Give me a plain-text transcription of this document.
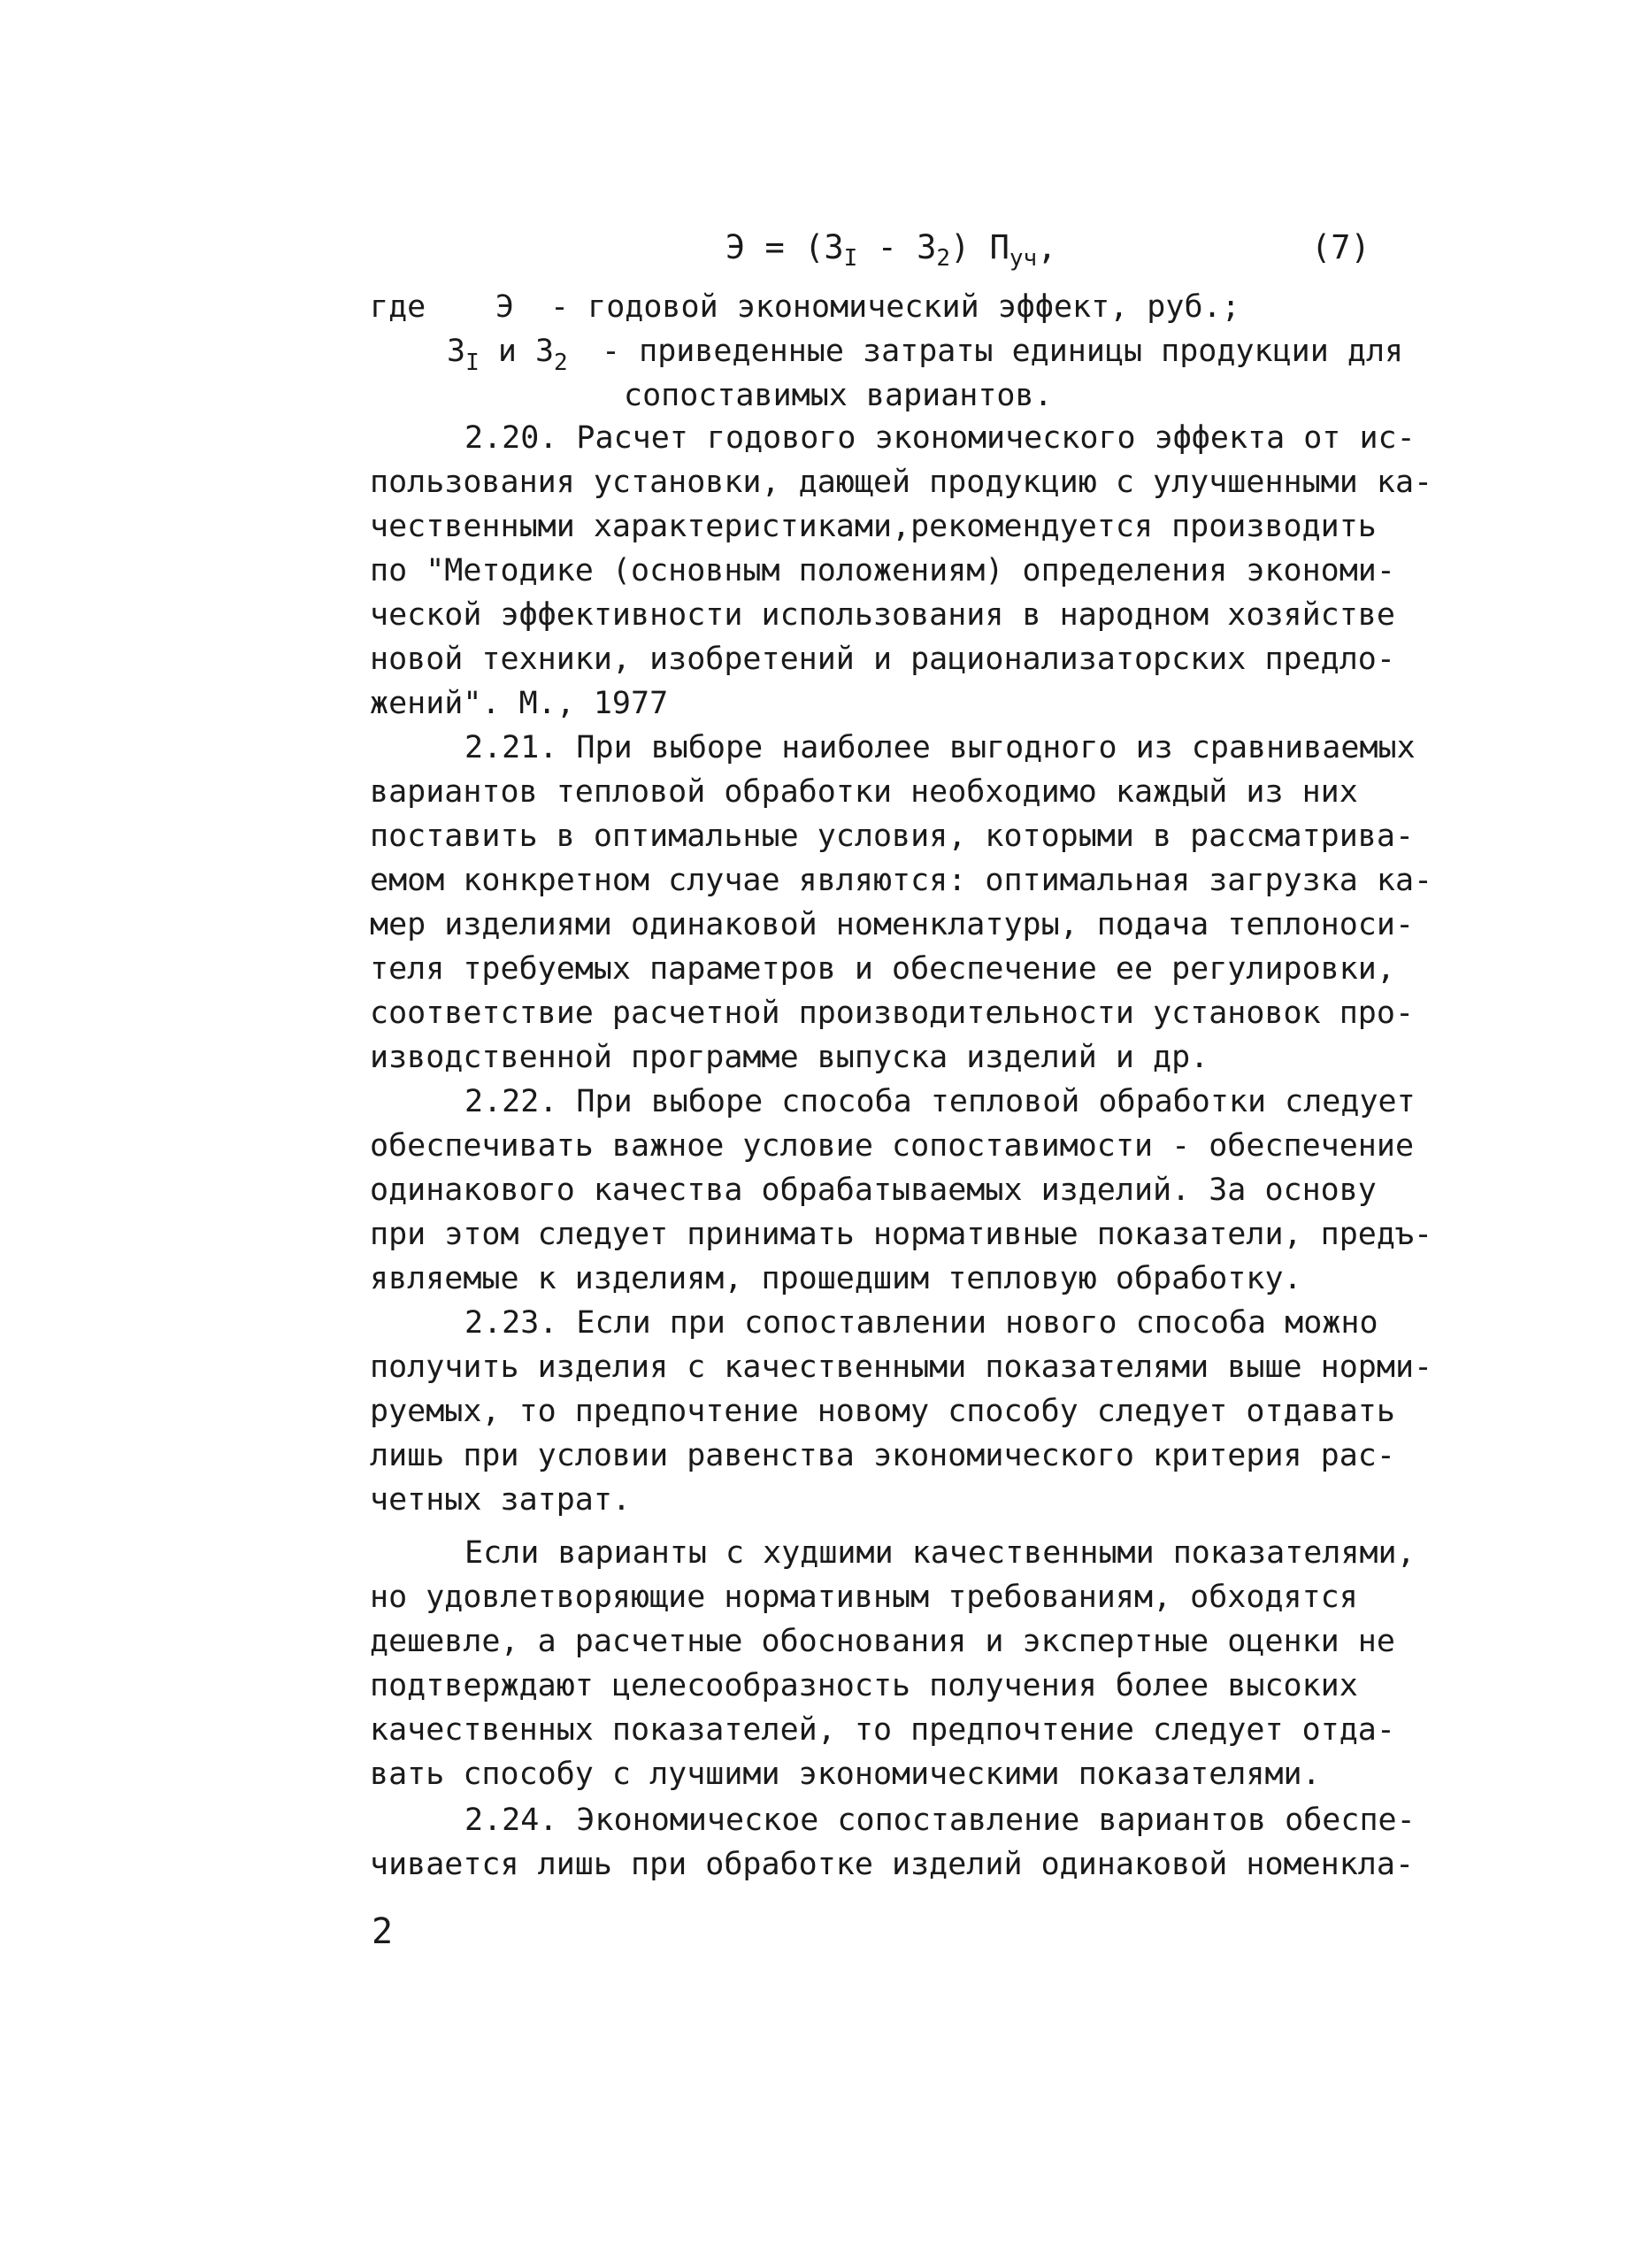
$Э = (З_I - З_2)$ $П_{уч}$,	(7)
где Э - годовой экономический эффект, руб.;
$З_I$ и $З_2$ - приведенные затраты единицы продукции для
сопоставимых вариантов.
2.20. Расчет годового экономического эффекта от ис-
пользования установки, дающей продукцию с улучшенными ка-
чественными характеристиками,рекомендуется производить
по "Методике (основным положениям) определения экономи-
ческой эффективности использования в народном хозяйстве
новой техники, изобретений и рационализаторских предло-
жений". М., 1977
2.21. При выборе наиболее выгодного из сравниваемых
вариантов тепловой обработки необходимо каждый из них
поставить в оптимальные условия, которыми в рассматрива-
емом конкретном случае являются: оптимальная загрузка ка-
мер изделиями одинаковой номенклатуры, подача теплоноси-
теля требуемых параметров и обеспечение ее регулировки,
соответствие расчетной производительности установок про-
изводственной программе выпуска изделий и др.
2.22. При выборе способа тепловой обработки следует
обеспечивать важное условие сопоставимости - обеспечение
одинакового качества обрабатываемых изделий. За основу
при этом следует принимать нормативные показатели, предъ-
являемые к изделиям, прошедшим тепловую обработку.
2.23. Если при сопоставлении нового способа можно
получить изделия с качественными показателями выше норми-
руемых, то предпочтение новому способу следует отдавать
лишь при условии равенства экономического критерия рас-
четных затрат.
Если варианты с худшими качественными показателями,
но удовлетворяющие нормативным требованиям, обходятся
дешевле, а расчетные обоснования и экспертные оценки не
подтверждают целесообразность получения более высоких
качественных показателей, то предпочтение следует отда-
вать способу с лучшими экономическими показателями.
2.24. Экономическое сопоставление вариантов обеспе-
чивается лишь при обработке изделий одинаковой номенкла-
2
